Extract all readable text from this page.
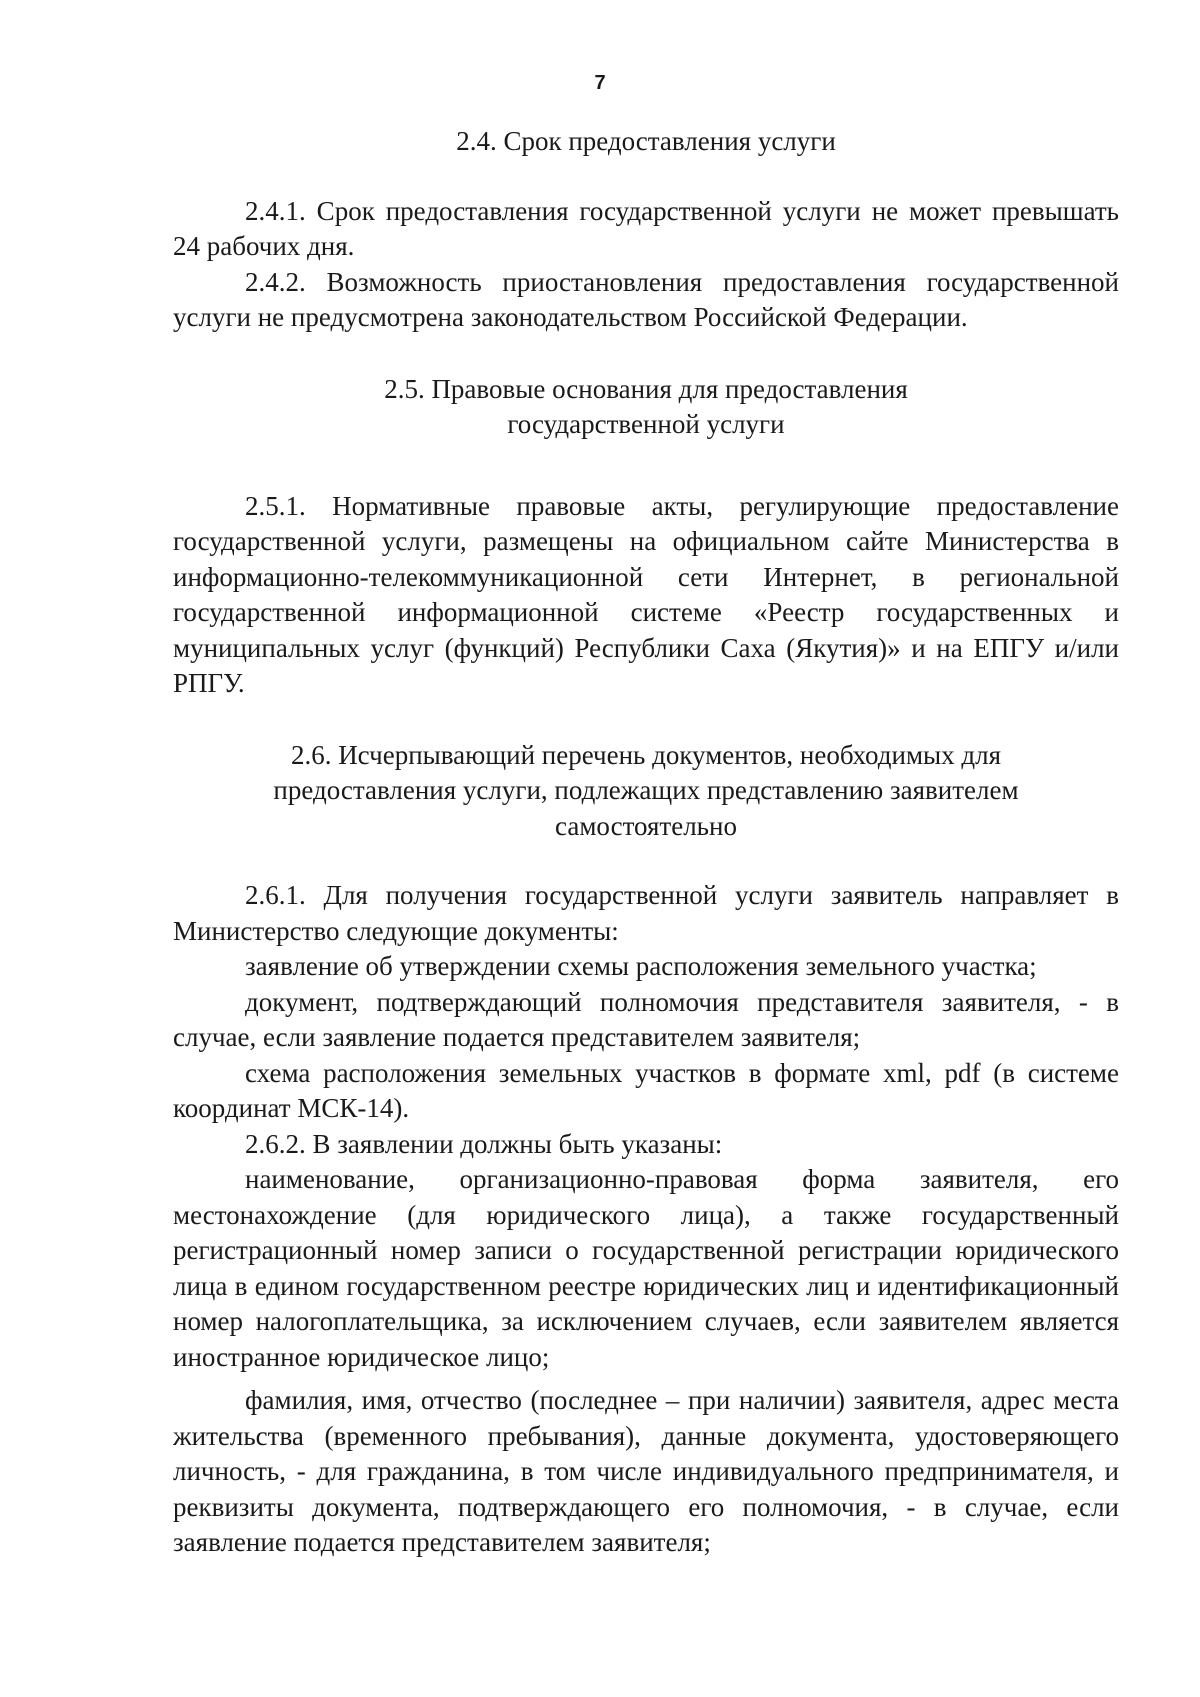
7

2.4. Срок предоставления услуги

2.4.1. Срок предоставления государственной услуги не может превышать 24 рабочих дня.

2.4.2. Возможность приостановления предоставления государственной услуги не предусмотрена законодательством Российской Федерации.

2.5. Правовые основания для предоставления
государственной услуги

2.5.1. Нормативные правовые акты, регулирующие предоставление государственной услуги, размещены на официальном сайте Министерства в информационно-телекоммуникационной сети Интернет, в региональной государственной информационной системе «Реестр государственных и муниципальных услуг (функций) Республики Саха (Якутия)» и на ЕПГУ и/или РПГУ.

2.6. Исчерпывающий перечень документов, необходимых для
предоставления услуги, подлежащих представлению заявителем
самостоятельно

2.6.1. Для получения государственной услуги заявитель направляет в Министерство следующие документы:

заявление об утверждении схемы расположения земельного участка;

документ, подтверждающий полномочия представителя заявителя, - в случае, если заявление подается представителем заявителя;

схема расположения земельных участков в формате xml, pdf (в системе координат МСК-14).

2.6.2. В заявлении должны быть указаны:

наименование, организационно-правовая форма заявителя, его местонахождение (для юридического лица), а также государственный регистрационный номер записи о государственной регистрации юридического лица в едином государственном реестре юридических лиц и идентификационный номер налогоплательщика, за исключением случаев, если заявителем является иностранное юридическое лицо;

фамилия, имя, отчество (последнее – при наличии) заявителя, адрес места жительства (временного пребывания), данные документа, удостоверяющего личность, - для гражданина, в том числе индивидуального предпринимателя, и реквизиты документа, подтверждающего его полномочия, - в случае, если заявление подается представителем заявителя;
